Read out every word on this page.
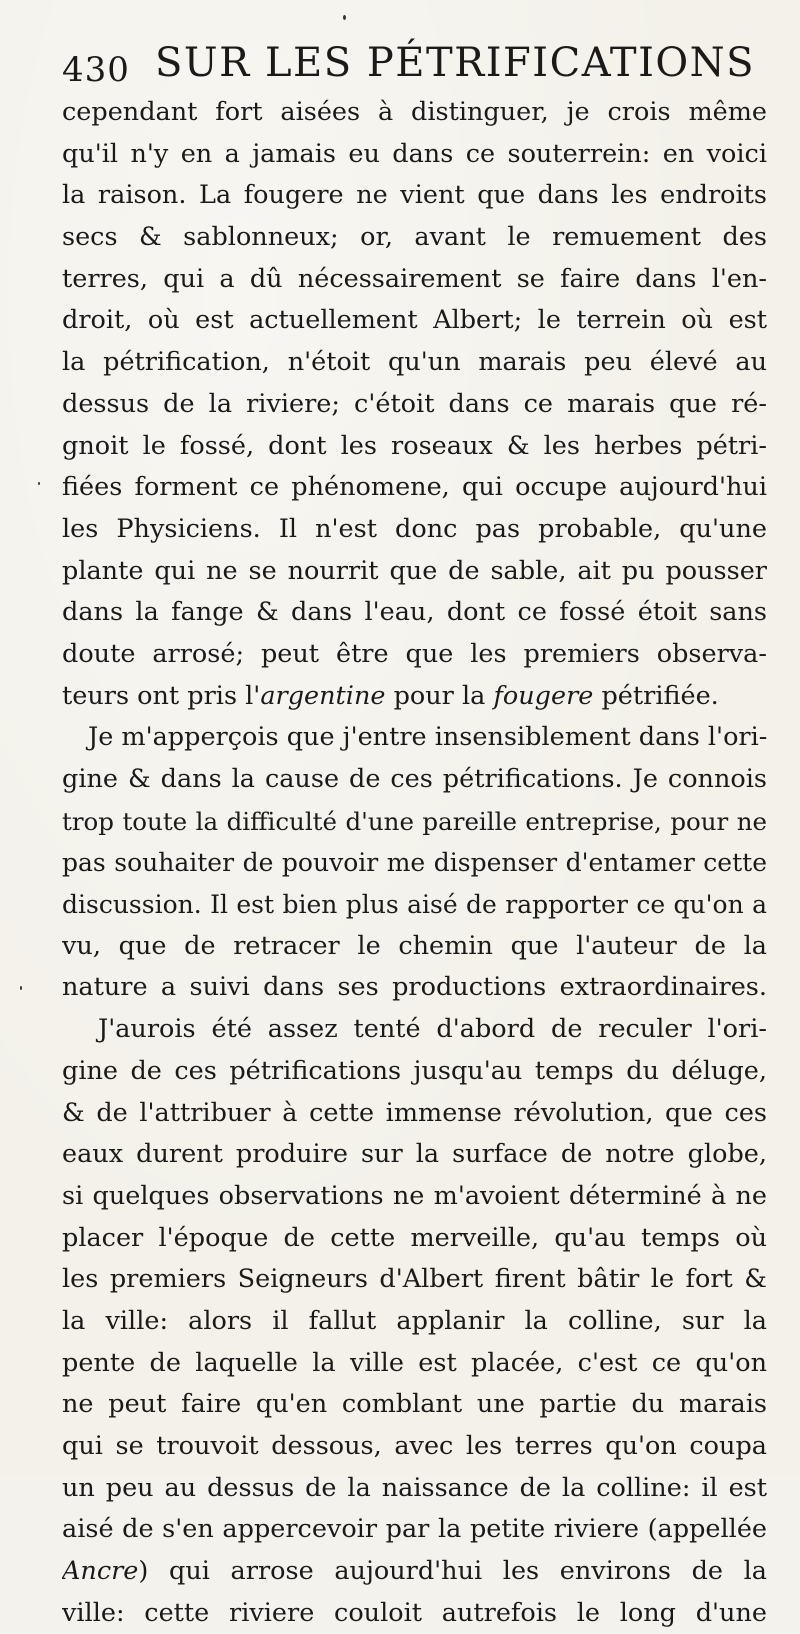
430 SUR LES PÉTRIFICATIONS
cependant fort aisées à distinguer, je crois même
qu'il n'y en a jamais eu dans ce souterrein: en voici
la raison. La fougere ne vient que dans les endroits
secs & sablonneux; or, avant le remuement des
terres, qui a dû nécessairement se faire dans l'en-
droit, où est actuellement Albert; le terrein où est
la pétrification, n'étoit qu'un marais peu élevé au
dessus de la riviere; c'étoit dans ce marais que ré-
gnoit le fossé, dont les roseaux & les herbes pétri-
fiées forment ce phénomene, qui occupe aujourd'hui
les Physiciens. Il n'est donc pas probable, qu'une
plante qui ne se nourrit que de sable, ait pu pousser
dans la fange & dans l'eau, dont ce fossé étoit sans
doute arrosé; peut être que les premiers observa-
teurs ont pris l'argentine pour la fougere pétrifiée.
Je m'apperçois que j'entre insensiblement dans l'ori-
gine & dans la cause de ces pétrifications. Je connois
trop toute la difficulté d'une pareille entreprise, pour ne
pas souhaiter de pouvoir me dispenser d'entamer cette
discussion. Il est bien plus aisé de rapporter ce qu'on a
vu, que de retracer le chemin que l'auteur de la
nature a suivi dans ses productions extraordinaires.
J'aurois été assez tenté d'abord de reculer l'ori-
gine de ces pétrifications jusqu'au temps du déluge,
& de l'attribuer à cette immense révolution, que ces
eaux durent produire sur la surface de notre globe,
si quelques observations ne m'avoient déterminé à ne
placer l'époque de cette merveille, qu'au temps où
les premiers Seigneurs d'Albert firent bâtir le fort &
la ville: alors il fallut applanir la colline, sur la
pente de laquelle la ville est placée, c'est ce qu'on
ne peut faire qu'en comblant une partie du marais
qui se trouvoit dessous, avec les terres qu'on coupa
un peu au dessus de la naissance de la colline: il est
aisé de s'en appercevoir par la petite riviere (appellée
Ancre) qui arrose aujourd'hui les environs de la
ville: cette riviere couloit autrefois le long d'une
